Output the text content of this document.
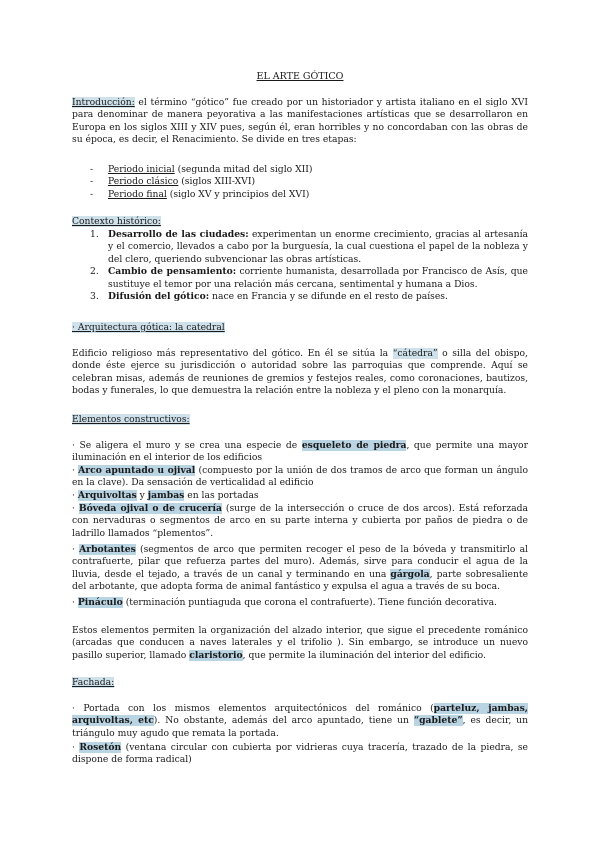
EL ARTE GÓTICO

Introducción: el término “gótico” fue creado por un historiador y artista italiano en el siglo XVI para denominar de manera peyorativa a las manifestaciones artísticas que se desarrollaron en Europa en los siglos XIII y XIV pues, según él, eran horribles y no concordaban con las obras de su época, es decir, el Renacimiento. Se divide en tres etapas:

- Periodo inicial (segunda mitad del siglo XII)
- Periodo clásico (siglos XIII-XVI)
- Periodo final (siglo XV y principios del XVI)
Contexto histórico:
1. Desarrollo de las ciudades: experimentan un enorme crecimiento, gracias al artesanía y el comercio, llevados a cabo por la burguesía, la cual cuestiona el papel de la nobleza y del clero, queriendo subvencionar las obras artísticas.
2. Cambio de pensamiento: corriente humanista, desarrollada por Francisco de Asís, que sustituye el temor por una relación más cercana, sentimental y humana a Dios.
3. Difusión del gótico: nace en Francia y se difunde en el resto de países.
· Arquitectura gótica: la catedral

Edificio religioso más representativo del gótico. En él se sitúa la “cátedra” o silla del obispo, donde éste ejerce su jurisdicción o autoridad sobre las parroquias que comprende. Aquí se celebran misas, además de reuniones de gremios y festejos reales, como coronaciones, bautizos, bodas y funerales, lo que demuestra la relación entre la nobleza y el pleno con la monarquía.

Elementos constructivos:

· Se aligera el muro y se crea una especie de esqueleto de piedra, que permite una mayor iluminación en el interior de los edificios

· Arco apuntado u ojival (compuesto por la unión de dos tramos de arco que forman un ángulo en la clave). Da sensación de verticalidad al edificio

· Arquivoltas y jambas en las portadas

· Bóveda ojival o de crucería (surge de la intersección o cruce de dos arcos). Está reforzada con nervaduras o segmentos de arco en su parte interna y cubierta por paños de piedra o de ladrillo llamados “plementos”.

· Arbotantes (segmentos de arco que permiten recoger el peso de la bóveda y transmitirlo al contrafuerte, pilar que refuerza partes del muro). Además, sirve para conducir el agua de la lluvia, desde el tejado, a través de un canal y terminando en una gárgola, parte sobresaliente del arbotante, que adopta forma de animal fantástico y expulsa el agua a través de su boca.

· Pináculo (terminación puntiaguda que corona el contrafuerte). Tiene función decorativa.

Estos elementos permiten la organización del alzado interior, que sigue el precedente románico (arcadas que conducen a naves laterales y el trifolio ). Sin embargo, se introduce un nuevo pasillo superior, llamado claristorio, que permite la iluminación del interior del edificio.

Fachada:

· Portada con los mismos elementos arquitectónicos del románico (parteluz, jambas, arquivoltas, etc). No obstante, además del arco apuntado, tiene un “gablete”, es decir, un triángulo muy agudo que remata la portada.

· Rosetón (ventana circular con cubierta por vidrieras cuya tracería, trazado de la piedra, se dispone de forma radical)
